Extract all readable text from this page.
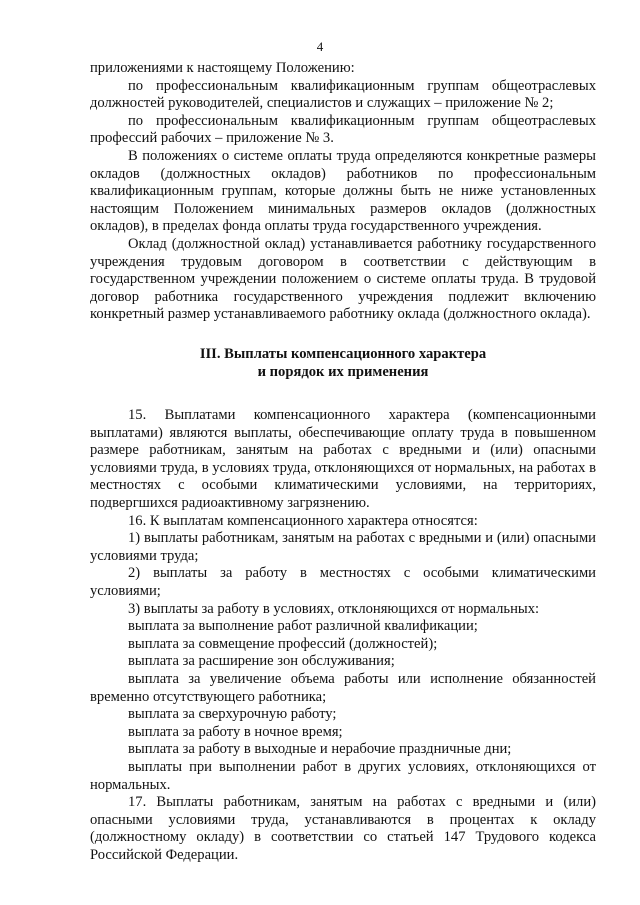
4

приложениями к настоящему Положению:

по профессиональным квалификационным группам общеотраслевых должностей руководителей, специалистов и служащих – приложение № 2;

по профессиональным квалификационным группам общеотраслевых профессий рабочих – приложение № 3.

В положениях о системе оплаты труда определяются конкретные размеры окладов (должностных окладов) работников по профессиональным квалификационным группам, которые должны быть не ниже установленных настоящим Положением минимальных размеров окладов (должностных окладов), в пределах фонда оплаты труда государственного учреждения.

Оклад (должностной оклад) устанавливается работнику государственного учреждения трудовым договором в соответствии с действующим в государственном учреждении положением о системе оплаты труда. В трудовой договор работника государственного учреждения подлежит включению конкретный размер устанавливаемого работнику оклада (должностного оклада).

III. Выплаты компенсационного характера
и порядок их применения

15. Выплатами компенсационного характера (компенсационными выплатами) являются выплаты, обеспечивающие оплату труда в повышенном размере работникам, занятым на работах с вредными и (или) опасными условиями труда, в условиях труда, отклоняющихся от нормальных, на работах в местностях с особыми климатическими условиями, на территориях, подвергшихся радиоактивному загрязнению.

16. К выплатам компенсационного характера относятся:

1) выплаты работникам, занятым на работах с вредными и (или) опасными условиями труда;

2) выплаты за работу в местностях с особыми климатическими условиями;

3) выплаты за работу в условиях, отклоняющихся от нормальных:

выплата за выполнение работ различной квалификации;

выплата за совмещение профессий (должностей);

выплата за расширение зон обслуживания;

выплата за увеличение объема работы или исполнение обязанностей временно отсутствующего работника;

выплата за сверхурочную работу;

выплата за работу в ночное время;

выплата за работу в выходные и нерабочие праздничные дни;

выплаты при выполнении работ в других условиях, отклоняющихся от нормальных.

17. Выплаты работникам, занятым на работах с вредными и (или) опасными условиями труда, устанавливаются в процентах к окладу (должностному окладу) в соответствии со статьей 147 Трудового кодекса Российской Федерации.
